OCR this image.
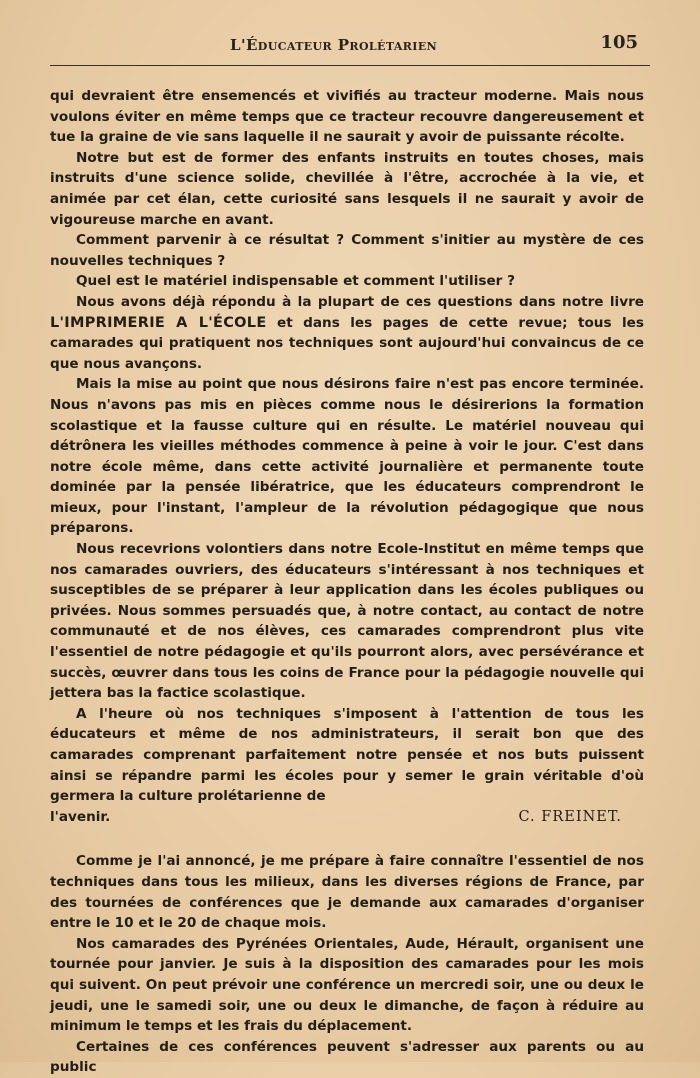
L'Éducateur Prolétarien	105

qui devraient être ensemencés et vivifiés au tracteur moderne. Mais nous voulons éviter en même temps que ce tracteur recouvre dangereusement et tue la graine de vie sans laquelle il ne saurait y avoir de puissante récolte.

Notre but est de former des enfants instruits en toutes choses, mais instruits d'une science solide, chevillée à l'être, accrochée à la vie, et animée par cet élan, cette curiosité sans lesquels il ne saurait y avoir de vigoureuse marche en avant.

Comment parvenir à ce résultat ? Comment s'initier au mystère de ces nouvelles techniques ?

Quel est le matériel indispensable et comment l'utiliser ?

Nous avons déjà répondu à la plupart de ces questions dans notre livre L'IMPRIMERIE A L'ÉCOLE et dans les pages de cette revue; tous les camarades qui pratiquent nos techniques sont aujourd'hui convaincus de ce que nous avançons.

Mais la mise au point que nous désirons faire n'est pas encore terminée. Nous n'avons pas mis en pièces comme nous le désirerions la formation scolastique et la fausse culture qui en résulte. Le matériel nouveau qui détrônera les vieilles méthodes commence à peine à voir le jour. C'est dans notre école même, dans cette activité journalière et permanente toute dominée par la pensée libératrice, que les éducateurs comprendront le mieux, pour l'instant, l'ampleur de la révolution pédagogique que nous préparons.

Nous recevrions volontiers dans notre Ecole-Institut en même temps que nos camarades ouvriers, des éducateurs s'intéressant à nos techniques et susceptibles de se préparer à leur application dans les écoles publiques ou privées. Nous sommes persuadés que, à notre contact, au contact de notre communauté et de nos élèves, ces camarades comprendront plus vite l'essentiel de notre pédagogie et qu'ils pourront alors, avec persévérance et succès, œuvrer dans tous les coins de France pour la pédagogie nouvelle qui jettera bas la factice scolastique.

A l'heure où nos techniques s'imposent à l'attention de tous les éducateurs et même de nos administrateurs, il serait bon que des camarades comprenant parfaitement notre pensée et nos buts puissent ainsi se répandre parmi les écoles pour y semer le grain véritable d'où germera la culture prolétarienne de

l'avenir.	C. FREINET.

Comme je l'ai annoncé, je me prépare à faire connaître l'essentiel de nos techniques dans tous les milieux, dans les diverses régions de France, par des tournées de conférences que je demande aux camarades d'organiser entre le 10 et le 20 de chaque mois.

Nos camarades des Pyrénées Orientales, Aude, Hérault, organisent une tournée pour janvier. Je suis à la disposition des camarades pour les mois qui suivent. On peut prévoir une conférence un mercredi soir, une ou deux le jeudi, une le samedi soir, une ou deux le dimanche, de façon à réduire au minimum le temps et les frais du déplacement.

Certaines de ces conférences peuvent s'adresser aux parents ou au public
